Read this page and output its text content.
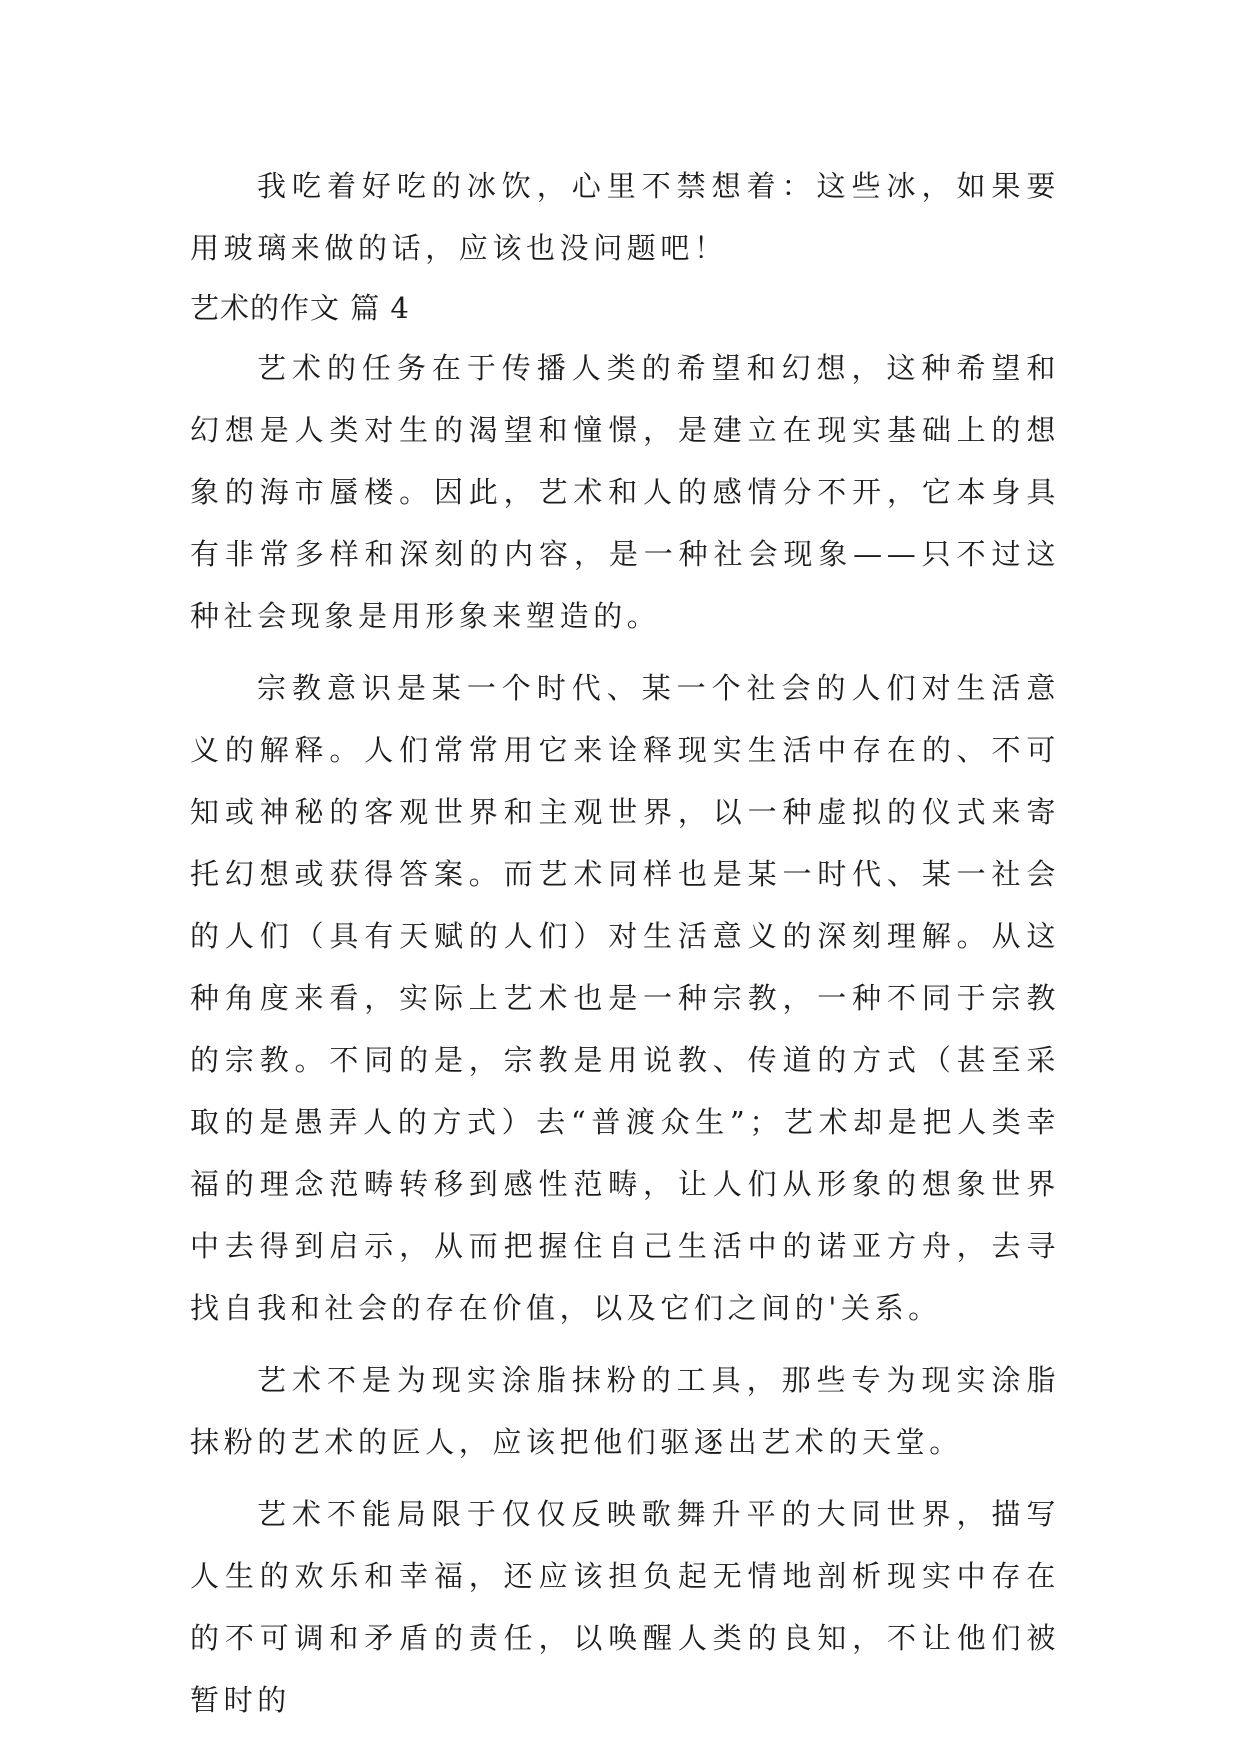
我吃着好吃的冰饮，心里不禁想着：这些冰，如果要用玻璃来做的话，应该也没问题吧！

艺术的作文 篇 4

艺术的任务在于传播人类的希望和幻想，这种希望和幻想是人类对生的渴望和憧憬，是建立在现实基础上的想象的海市蜃楼。因此，艺术和人的感情分不开，它本身具有非常多样和深刻的内容，是一种社会现象——只不过这种社会现象是用形象来塑造的。

宗教意识是某一个时代、某一个社会的人们对生活意义的解释。人们常常用它来诠释现实生活中存在的、不可知或神秘的客观世界和主观世界，以一种虚拟的仪式来寄托幻想或获得答案。而艺术同样也是某一时代、某一社会的人们（具有天赋的人们）对生活意义的深刻理解。从这种角度来看，实际上艺术也是一种宗教，一种不同于宗教的宗教。不同的是，宗教是用说教、传道的方式（甚至采取的是愚弄人的方式）去“普渡众生”；艺术却是把人类幸福的理念范畴转移到感性范畴，让人们从形象的想象世界中去得到启示，从而把握住自己生活中的诺亚方舟，去寻找自我和社会的存在价值，以及它们之间的'关系。

艺术不是为现实涂脂抹粉的工具，那些专为现实涂脂抹粉的艺术的匠人，应该把他们驱逐出艺术的天堂。

艺术不能局限于仅仅反映歌舞升平的大同世界，描写人生的欢乐和幸福，还应该担负起无情地剖析现实中存在的不可调和矛盾的责任，以唤醒人类的良知，不让他们被暂时的
